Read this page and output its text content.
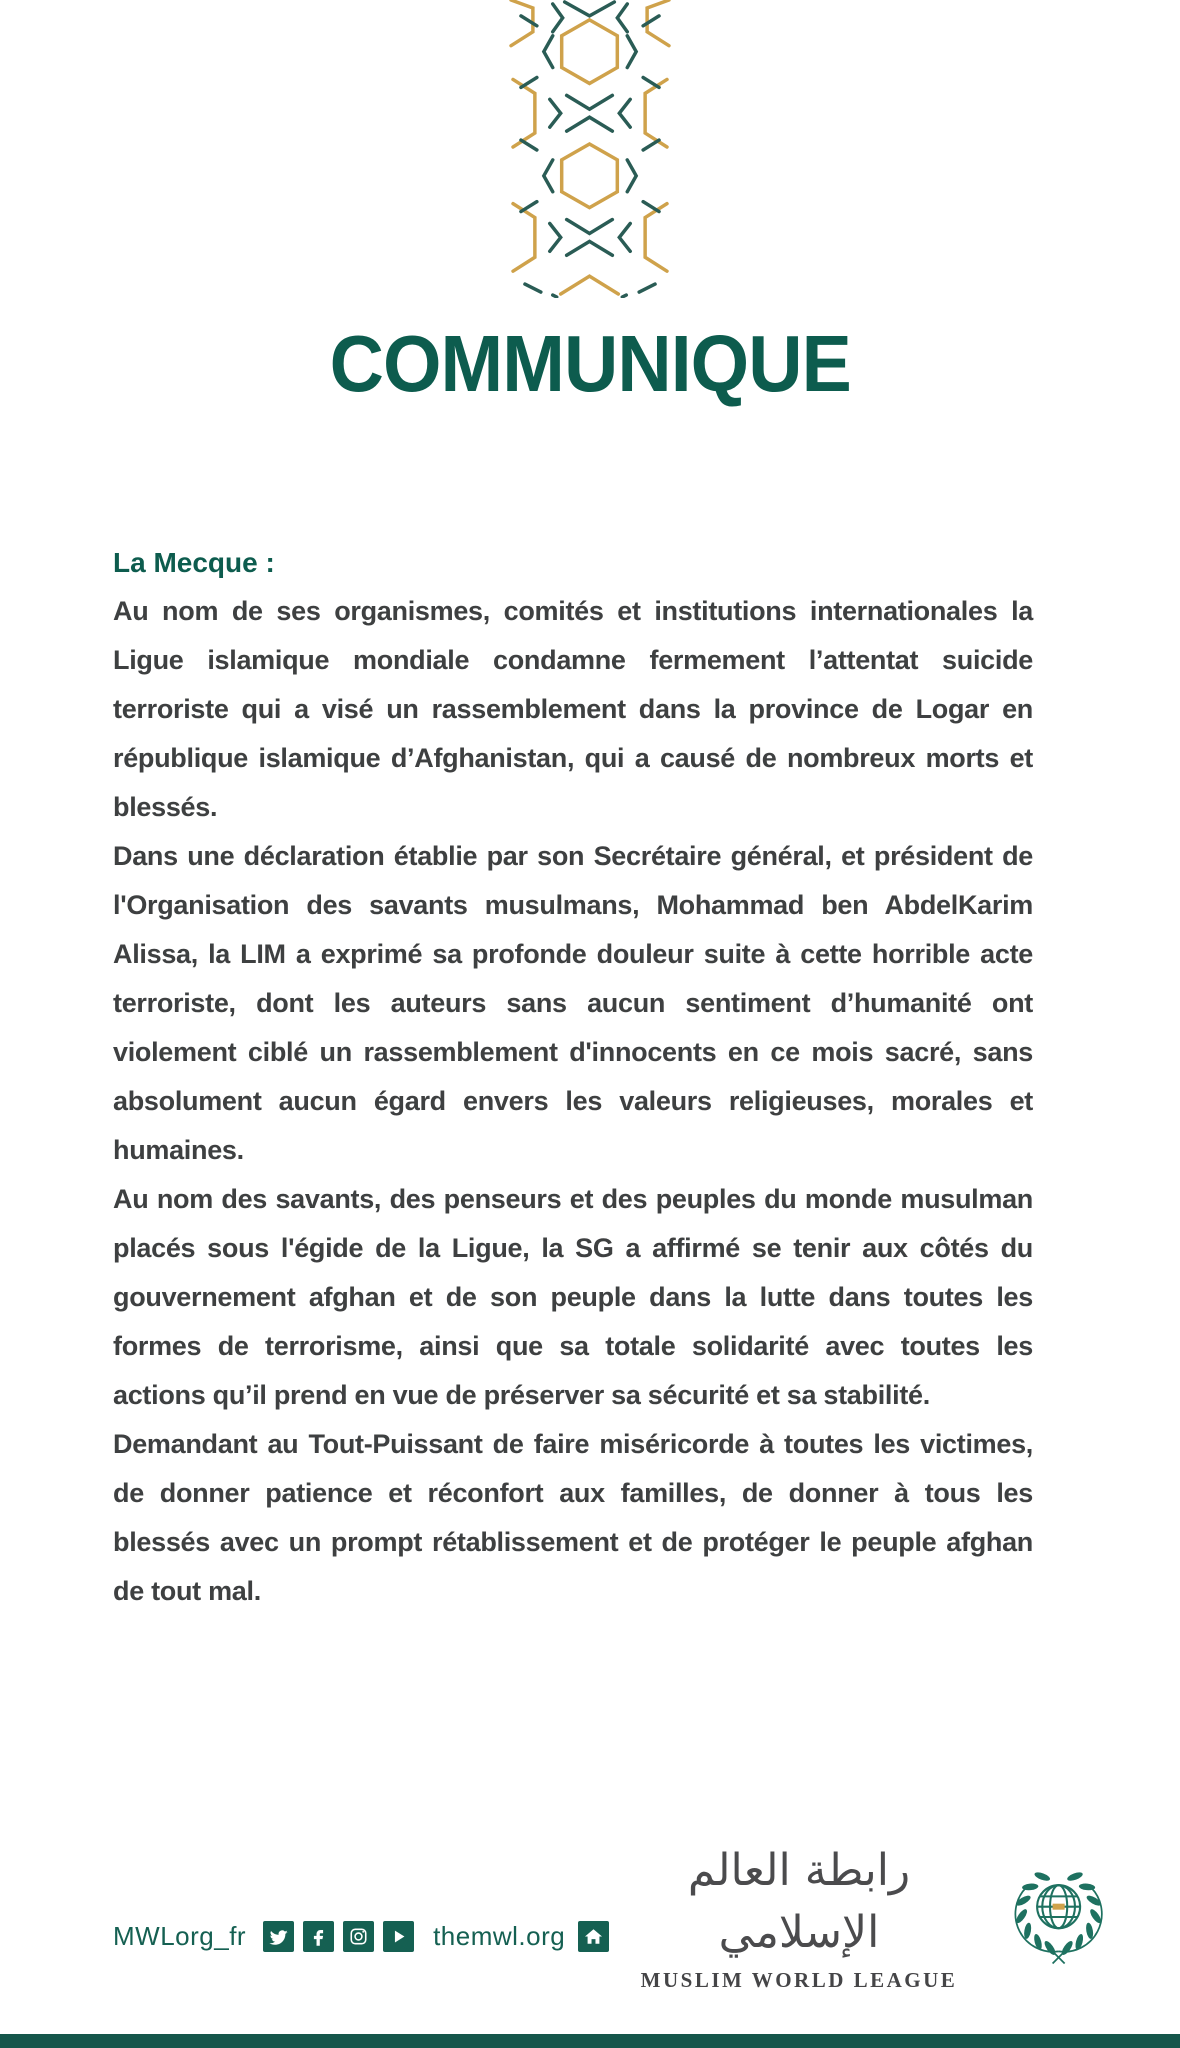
COMMUNIQUE

La Mecque :

Au nom de ses organismes, comités et institutions internationales la Ligue islamique mondiale condamne fermement l’attentat suicide terroriste qui a visé un rassemblement dans la province de Logar en république islamique d’Afghanistan, qui a causé de nombreux morts et blessés.

Dans une déclaration établie par son Secrétaire général, et président de l'Organisation des savants musulmans, Mohammad ben AbdelKarim Alissa, la LIM a exprimé sa profonde douleur suite à cette horrible acte terroriste, dont les auteurs sans aucun sentiment d’humanité ont violement ciblé un rassemblement d'innocents en ce mois sacré, sans absolument aucun égard envers les valeurs religieuses, morales et humaines.

Au nom des savants, des penseurs et des peuples du monde musulman placés sous l'égide de la Ligue, la SG a affirmé se tenir aux côtés du gouvernement afghan et de son peuple dans la lutte dans toutes les formes de terrorisme, ainsi que sa totale solidarité avec toutes les actions qu’il prend en vue de préserver sa sécurité et sa stabilité.

Demandant au Tout-Puissant de faire miséricorde à toutes les victimes, de donner patience et réconfort aux familles, de donner à tous les blessés avec un prompt rétablissement et de protéger le peuple afghan de tout mal.

MWLorg_fr	themwl.org
رابطة العالم الإسلامي
MUSLIM WORLD LEAGUE
